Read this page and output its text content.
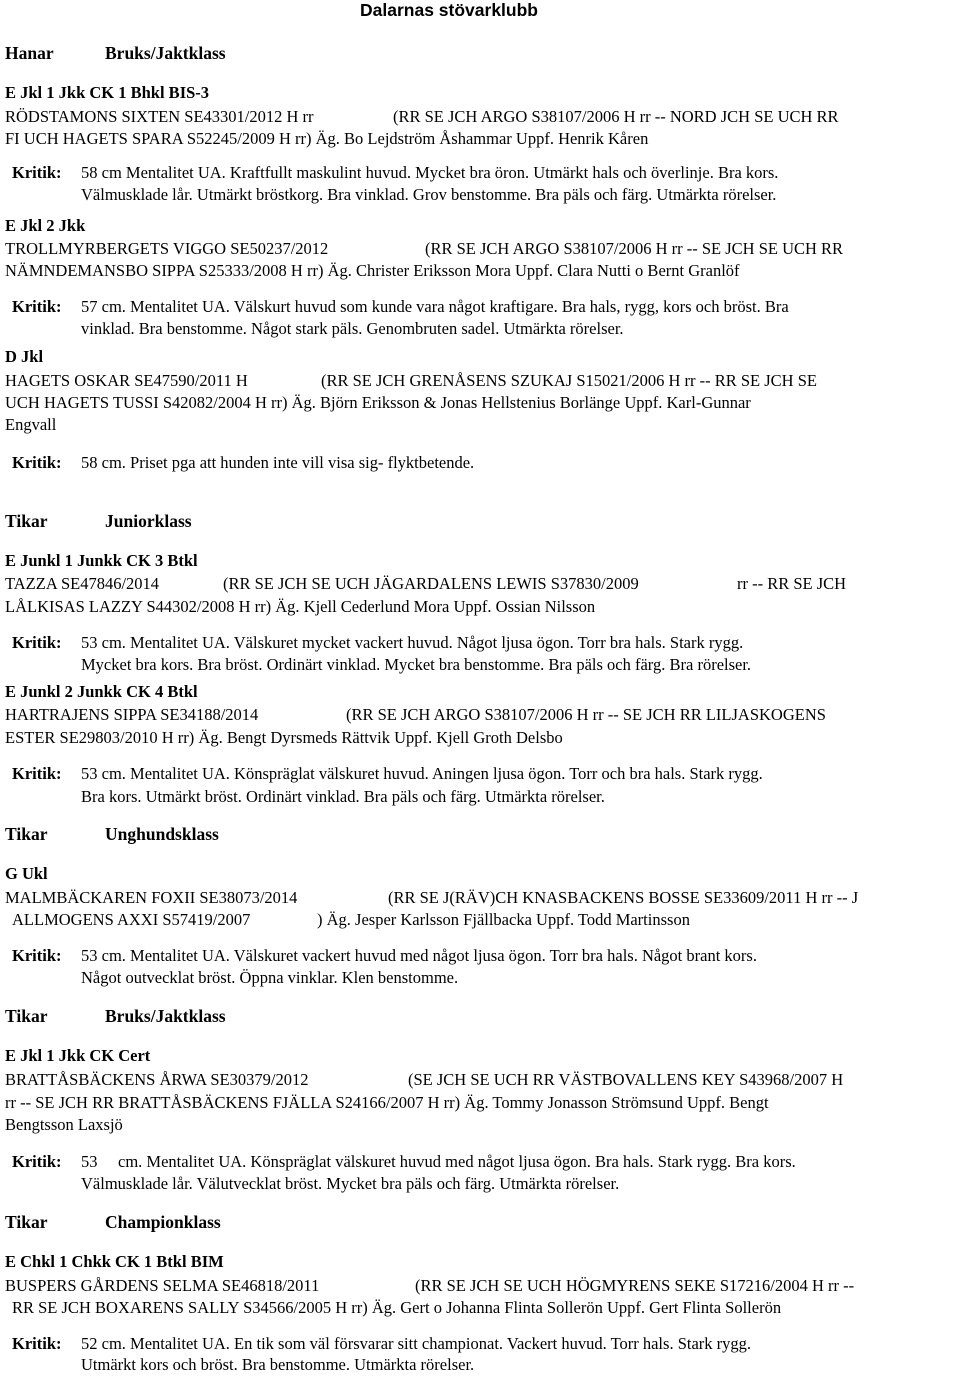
Dalarnas stövarklubb
Hanar	Bruks/Jaktklass
E Jkl 1 Jkk CK 1 Bhkl BIS-3
RÖDSTAMONS SIXTEN SE43301/2012 H rr	(RR SE JCH ARGO S38107/2006 H rr -- NORD JCH SE UCH RR
FI UCH HAGETS SPARA S52245/2009 H rr) Äg. Bo Lejdström Åshammar Uppf. Henrik Kåren
Kritik: 58 cm Mentalitet UA. Kraftfullt maskulint huvud. Mycket bra öron. Utmärkt hals och överlinje. Bra kors.
Välmusklade lår. Utmärkt bröstkorg. Bra vinklad. Grov benstomme. Bra päls och färg. Utmärkta rörelser.
E Jkl 2 Jkk
TROLLMYRBERGETS VIGGO SE50237/2012	(RR SE JCH ARGO S38107/2006 H rr -- SE JCH SE UCH RR
NÄMNDEMANSBO SIPPA S25333/2008 H rr) Äg. Christer Eriksson Mora Uppf. Clara Nutti o Bernt Granlöf
Kritik: 57 cm. Mentalitet UA. Välskurt huvud som kunde vara något kraftigare. Bra hals, rygg, kors och bröst. Bra
vinklad. Bra benstomme. Något stark päls. Genombruten sadel. Utmärkta rörelser.
D Jkl
HAGETS OSKAR SE47590/2011 H	(RR SE JCH GRENÅSENS SZUKAJ S15021/2006 H rr -- RR SE JCH SE
UCH HAGETS TUSSI S42082/2004 H rr) Äg. Björn Eriksson & Jonas Hellstenius Borlänge Uppf. Karl-Gunnar
Engvall
Kritik: 58 cm. Priset pga att hunden inte vill visa sig- flyktbetende.
Tikar	Juniorklass
E Junkl 1 Junkk CK 3 Btkl
TAZZA SE47846/2014	(RR SE JCH SE UCH JÄGARDALENS LEWIS S37830/2009	rr -- RR SE JCH
LÅLKISAS LAZZY S44302/2008 H rr) Äg. Kjell Cederlund Mora Uppf. Ossian Nilsson
Kritik: 53 cm. Mentalitet UA. Välskuret mycket vackert huvud. Något ljusa ögon. Torr bra hals. Stark rygg.
Mycket bra kors. Bra bröst. Ordinärt vinklad. Mycket bra benstomme. Bra päls och färg. Bra rörelser.
E Junkl 2 Junkk CK 4 Btkl
HARTRAJENS SIPPA SE34188/2014	(RR SE JCH ARGO S38107/2006 H rr -- SE JCH RR LILJASKOGENS
ESTER SE29803/2010 H rr) Äg. Bengt Dyrsmeds Rättvik Uppf. Kjell Groth Delsbo
Kritik: 53 cm. Mentalitet UA. Könspräglat välskuret huvud. Aningen ljusa ögon. Torr och bra hals. Stark rygg.
Bra kors. Utmärkt bröst. Ordinärt vinklad. Bra päls och färg. Utmärkta rörelser.
Tikar	Unghundsklass
G Ukl
MALMBÄCKAREN FOXII SE38073/2014	(RR SE J(RÄV)CH KNASBACKENS BOSSE SE33609/2011 H rr -- J
ALLMOGENS AXXI S57419/2007	) Äg. Jesper Karlsson Fjällbacka Uppf. Todd Martinsson
Kritik: 53 cm. Mentalitet UA. Välskuret vackert huvud med något ljusa ögon. Torr bra hals. Något brant kors.
Något outvecklat bröst. Öppna vinklar. Klen benstomme.
Tikar	Bruks/Jaktklass
E Jkl 1 Jkk CK Cert
BRATTÅSBÄCKENS ÅRWA SE30379/2012	(SE JCH SE UCH RR VÄSTBOVALLENS KEY S43968/2007 H
rr -- SE JCH RR BRATTÅSBÄCKENS FJÄLLA S24166/2007 H rr) Äg. Tommy Jonasson Strömsund Uppf. Bengt
Bengtsson Laxsjö
Kritik: 53 cm. Mentalitet UA. Könspräglat välskuret huvud med något ljusa ögon. Bra hals. Stark rygg. Bra kors.
Välmusklade lår. Välutvecklat bröst. Mycket bra päls och färg. Utmärkta rörelser.
Tikar	Championklass
E Chkl 1 Chkk CK 1 Btkl BIM
BUSPERS GÅRDENS SELMA SE46818/2011	(RR SE JCH SE UCH HÖGMYRENS SEKE S17216/2004 H rr --
RR SE JCH BOXARENS SALLY S34566/2005 H rr) Äg. Gert o Johanna Flinta Sollerön Uppf. Gert Flinta Sollerön
Kritik: 52 cm. Mentalitet UA. En tik som väl försvarar sitt championat. Vackert huvud. Torr hals. Stark rygg.
Utmärkt kors och bröst. Bra benstomme. Utmärkta rörelser.
